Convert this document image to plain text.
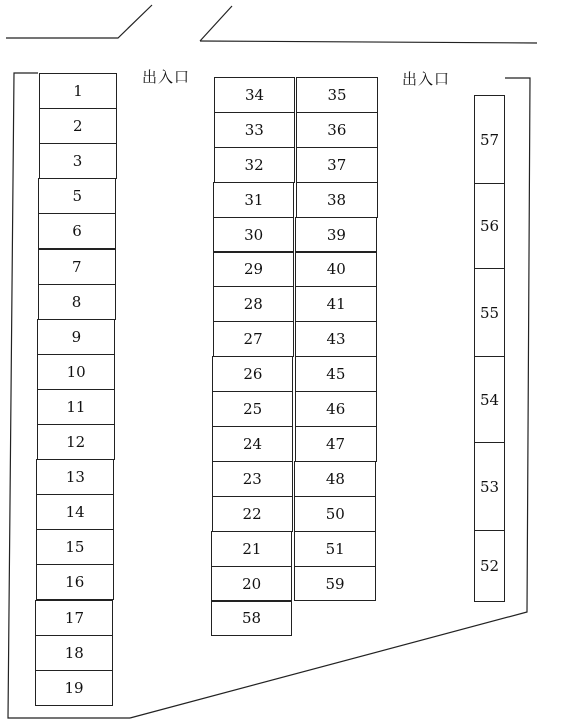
出入口	出入口
1
2
3
5
6
7
8
9
10
11
12
13
14
15
16
17
18
19
34
33
32
31
30
29
28
27
26
25
24
23
22
21
20
58
35
36
37
38
39
40
41
43
45
46
47
48
50
51
59
57
56
55
54
53
52
